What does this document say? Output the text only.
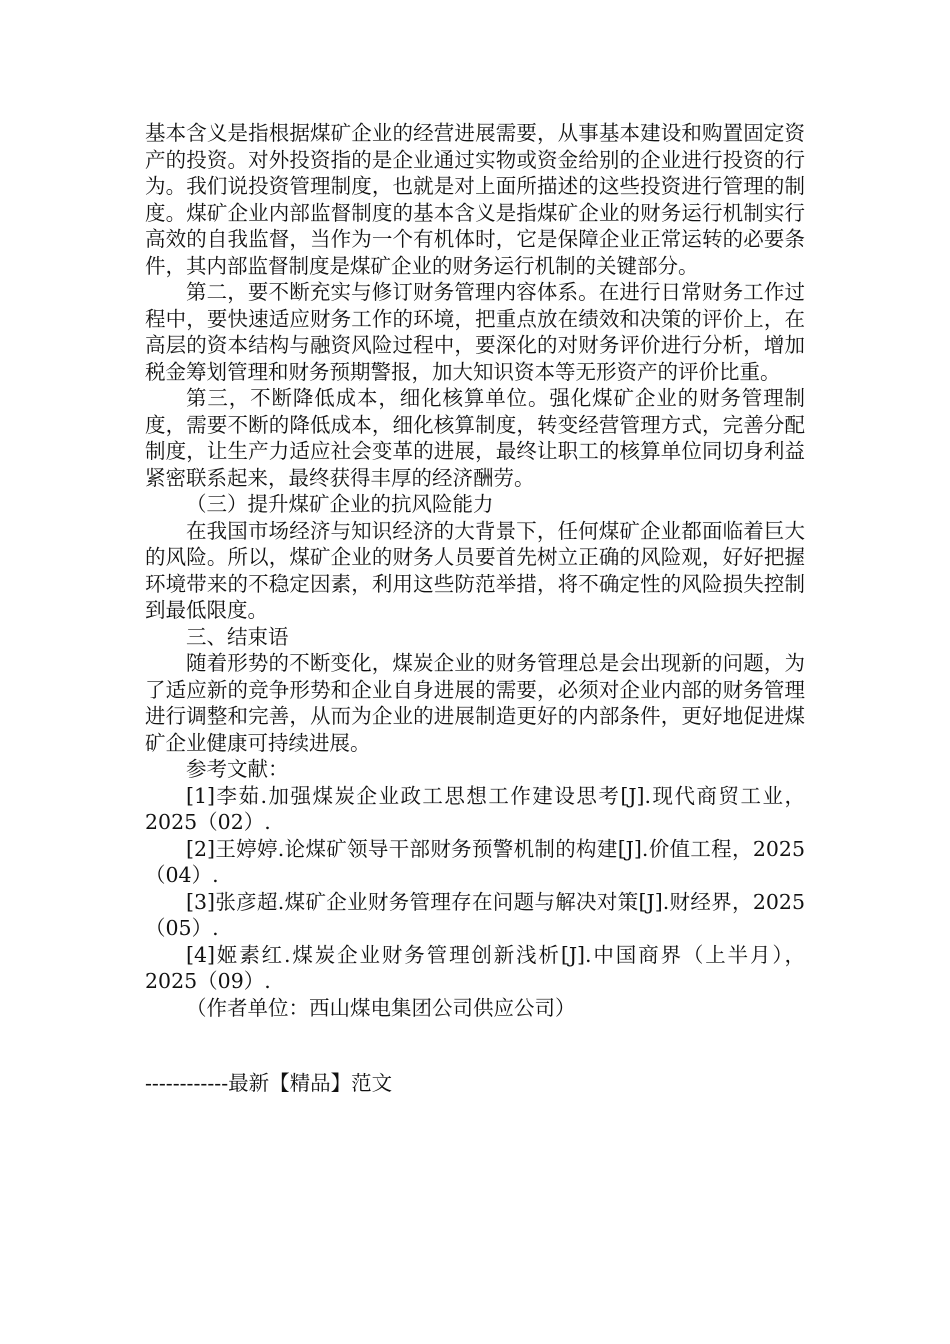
基本含义是指根据煤矿企业的经营进展需要，从事基本建设和购置固定资产的投资。对外投资指的是企业通过实物或资金给别的企业进行投资的行为。我们说投资管理制度，也就是对上面所描述的这些投资进行管理的制度。煤矿企业内部监督制度的基本含义是指煤矿企业的财务运行机制实行高效的自我监督，当作为一个有机体时，它是保障企业正常运转的必要条件，其内部监督制度是煤矿企业的财务运行机制的关键部分。

第二，要不断充实与修订财务管理内容体系。在进行日常财务工作过程中，要快速适应财务工作的环境，把重点放在绩效和决策的评价上，在高层的资本结构与融资风险过程中，要深化的对财务评价进行分析，增加税金筹划管理和财务预期警报，加大知识资本等无形资产的评价比重。

第三，不断降低成本，细化核算单位。强化煤矿企业的财务管理制度，需要不断的降低成本，细化核算制度，转变经营管理方式，完善分配制度，让生产力适应社会变革的进展，最终让职工的核算单位同切身利益紧密联系起来，最终获得丰厚的经济酬劳。

（三）提升煤矿企业的抗风险能力

在我国市场经济与知识经济的大背景下，任何煤矿企业都面临着巨大的风险。所以，煤矿企业的财务人员要首先树立正确的风险观，好好把握环境带来的不稳定因素，利用这些防范举措，将不确定性的风险损失控制到最低限度。

三、结束语

随着形势的不断变化，煤炭企业的财务管理总是会出现新的问题，为了适应新的竞争形势和企业自身进展的需要，必须对企业内部的财务管理进行调整和完善，从而为企业的进展制造更好的内部条件，更好地促进煤矿企业健康可持续进展。

参考文献：

[1]李茹.加强煤炭企业政工思想工作建设思考[J].现代商贸工业，2025（02）.

[2]王婷婷.论煤矿领导干部财务预警机制的构建[J].价值工程，2025（04）.

[3]张彦超.煤矿企业财务管理存在问题与解决对策[J].财经界，2025（05）.

[4]姬素红.煤炭企业财务管理创新浅析[J].中国商界（上半月），2025（09）.

（作者单位：西山煤电集团公司供应公司）

------------最新【精品】范文
